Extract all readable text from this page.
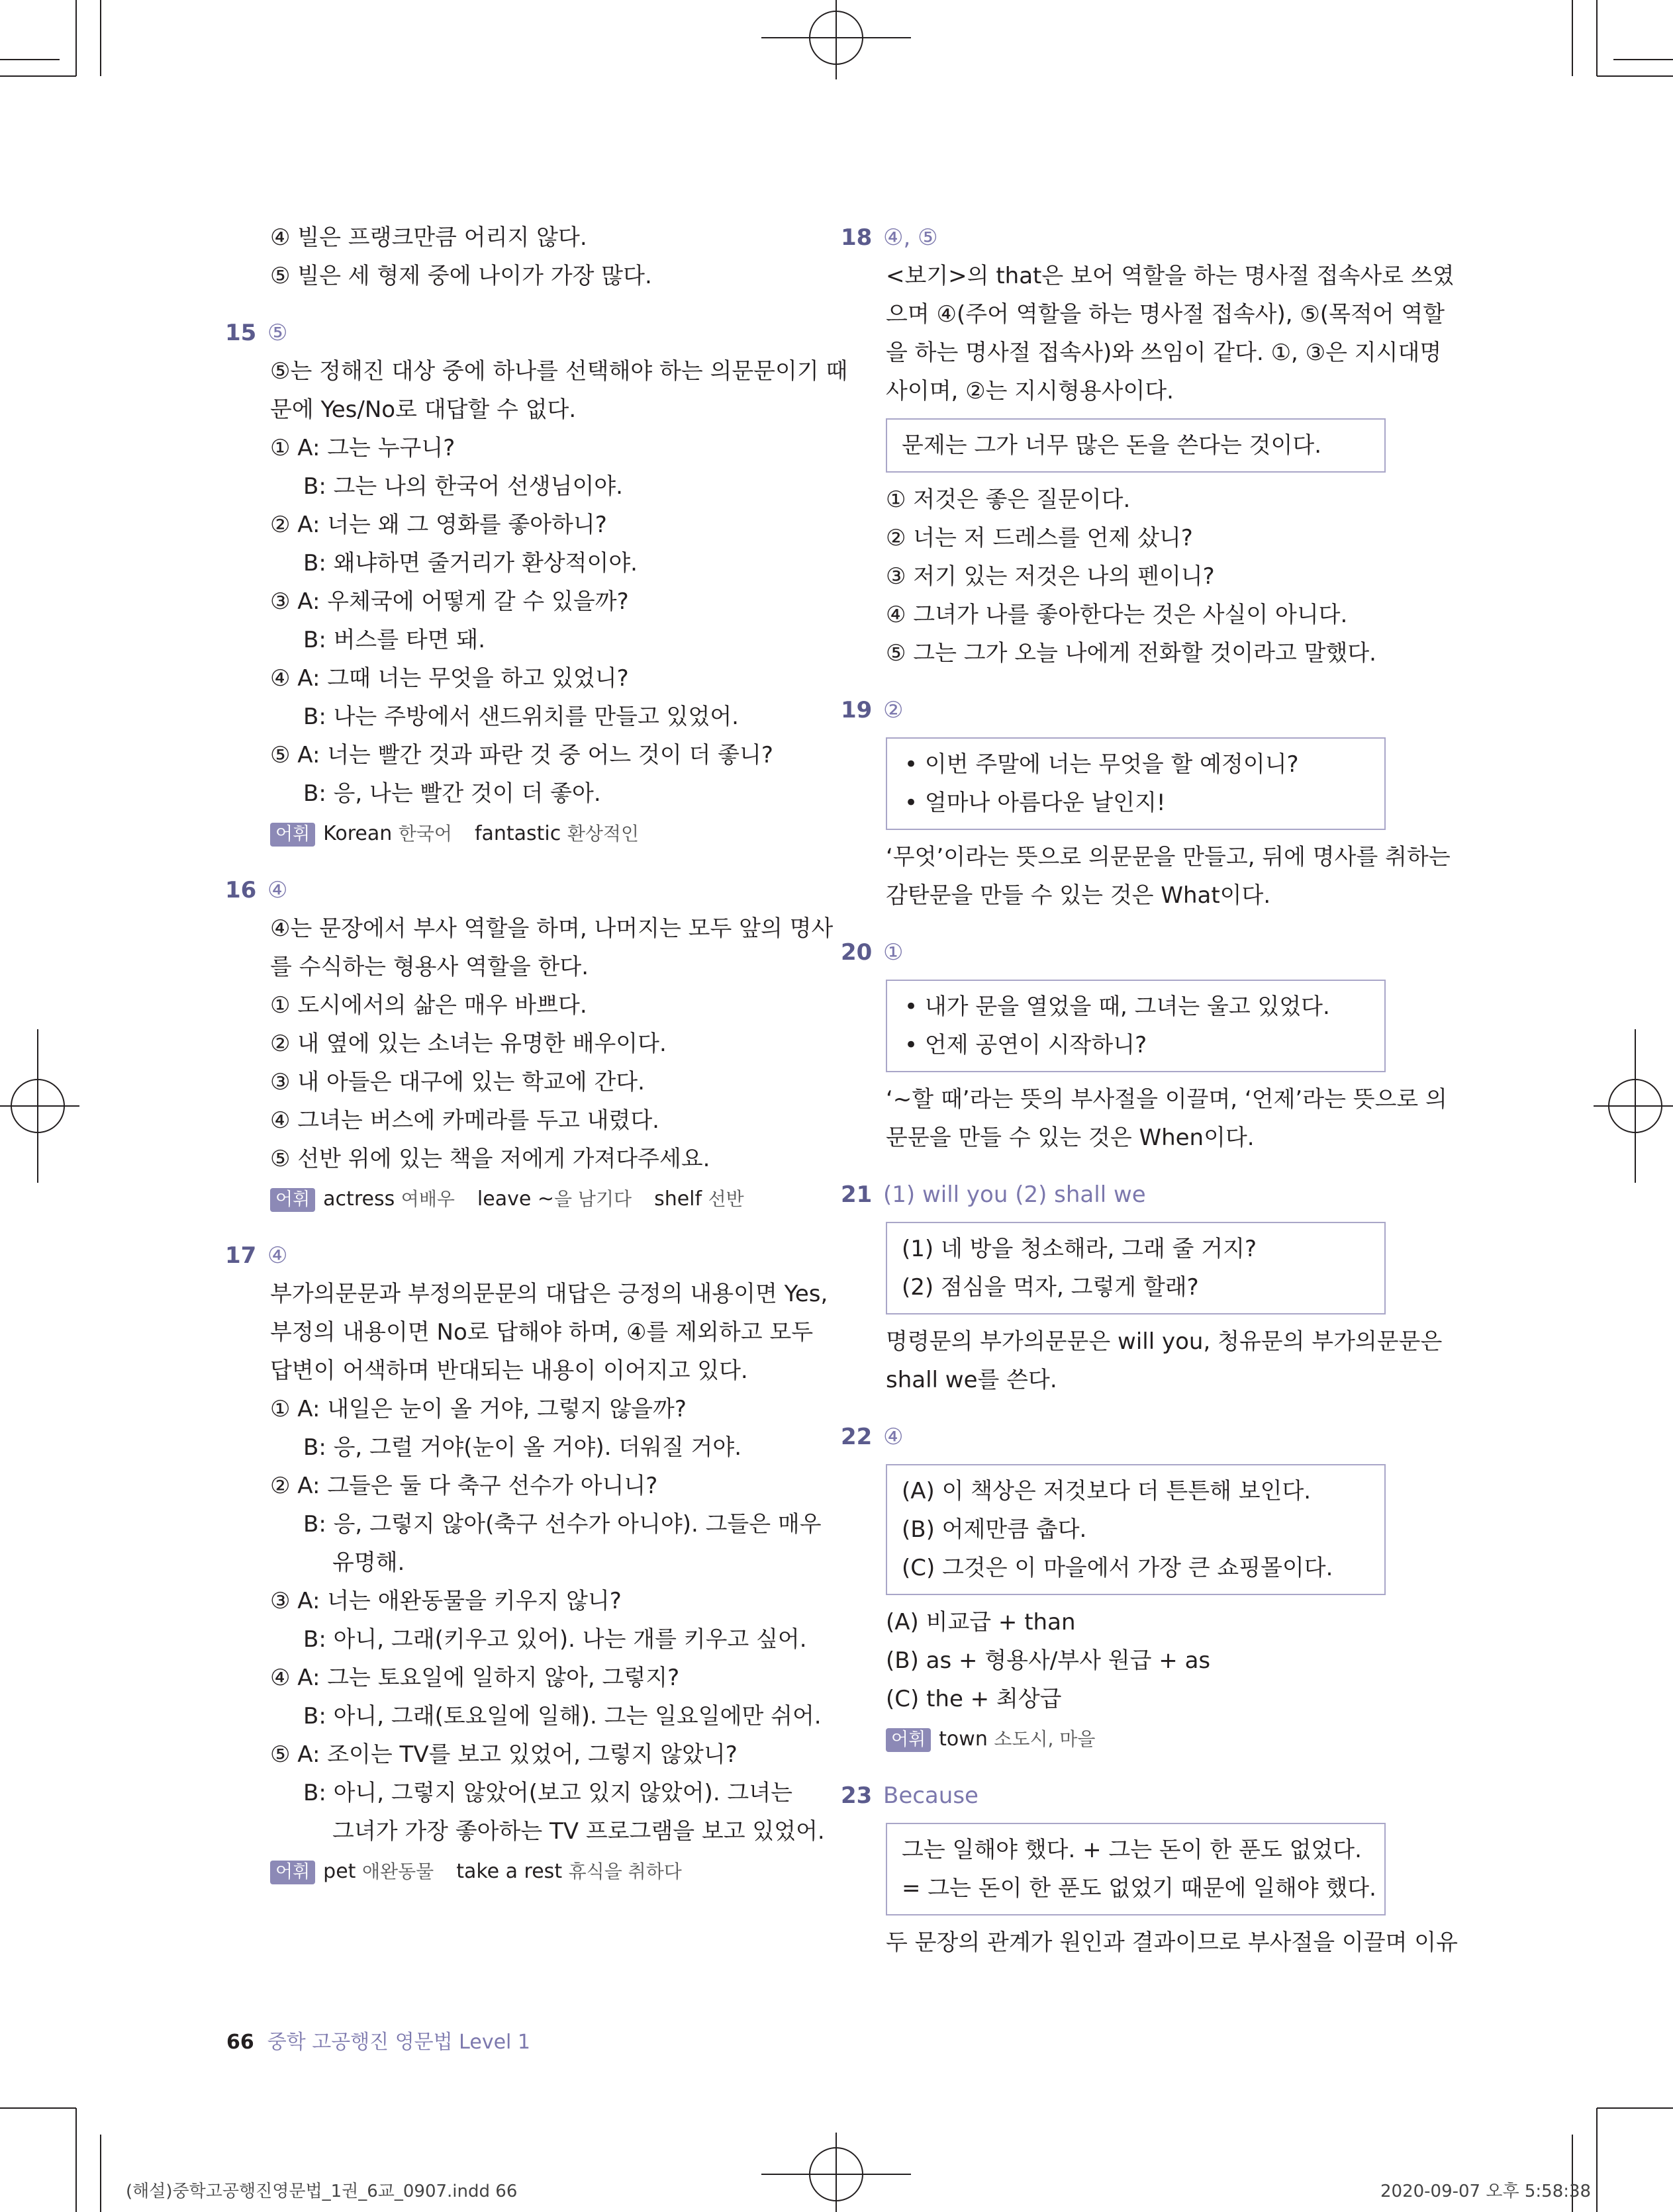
④ 빌은 프랭크만큼 어리지 않다.
⑤ 빌은 세 형제 중에 나이가 가장 많다.
15 ⑤
⑤는 정해진 대상 중에 하나를 선택해야 하는 의문문이기 때
문에 Yes/No로 대답할 수 없다.
① A: 그는 누구니?
B: 그는 나의 한국어 선생님이야.
② A: 너는 왜 그 영화를 좋아하니?
B: 왜냐하면 줄거리가 환상적이야.
③ A: 우체국에 어떻게 갈 수 있을까?
B: 버스를 타면 돼.
④ A: 그때 너는 무엇을 하고 있었니?
B: 나는 주방에서 샌드위치를 만들고 있었어.
⑤ A: 너는 빨간 것과 파란 것 중 어느 것이 더 좋니?
B: 응, 나는 빨간 것이 더 좋아.
어휘 Korean 한국어 fantastic 환상적인
16 ④
④는 문장에서 부사 역할을 하며, 나머지는 모두 앞의 명사
를 수식하는 형용사 역할을 한다.
① 도시에서의 삶은 매우 바쁘다.
② 내 옆에 있는 소녀는 유명한 배우이다.
③ 내 아들은 대구에 있는 학교에 간다.
④ 그녀는 버스에 카메라를 두고 내렸다.
⑤ 선반 위에 있는 책을 저에게 가져다주세요.
어휘 actress 여배우 leave ~을 남기다 shelf 선반
17 ④
부가의문문과 부정의문문의 대답은 긍정의 내용이면 Yes,
부정의 내용이면 No로 답해야 하며, ④를 제외하고 모두
답변이 어색하며 반대되는 내용이 이어지고 있다.
① A: 내일은 눈이 올 거야, 그렇지 않을까?
B: 응, 그럴 거야(눈이 올 거야). 더워질 거야.
② A: 그들은 둘 다 축구 선수가 아니니?
B: 응, 그렇지 않아(축구 선수가 아니야). 그들은 매우
유명해.
③ A: 너는 애완동물을 키우지 않니?
B: 아니, 그래(키우고 있어). 나는 개를 키우고 싶어.
④ A: 그는 토요일에 일하지 않아, 그렇지?
B: 아니, 그래(토요일에 일해). 그는 일요일에만 쉬어.
⑤ A: 조이는 TV를 보고 있었어, 그렇지 않았니?
B: 아니, 그렇지 않았어(보고 있지 않았어). 그녀는
그녀가 가장 좋아하는 TV 프로그램을 보고 있었어.
어휘 pet 애완동물 take a rest 휴식을 취하다
18 ④, ⑤
<보기>의 that은 보어 역할을 하는 명사절 접속사로 쓰였
으며 ④(주어 역할을 하는 명사절 접속사), ⑤(목적어 역할
을 하는 명사절 접속사)와 쓰임이 같다. ①, ③은 지시대명
사이며, ②는 지시형용사이다.
문제는 그가 너무 많은 돈을 쓴다는 것이다.
① 저것은 좋은 질문이다.
② 너는 저 드레스를 언제 샀니?
③ 저기 있는 저것은 나의 펜이니?
④ 그녀가 나를 좋아한다는 것은 사실이 아니다.
⑤ 그는 그가 오늘 나에게 전화할 것이라고 말했다.
19 ②
• 이번 주말에 너는 무엇을 할 예정이니?
• 얼마나 아름다운 날인지!
‘무엇’이라는 뜻으로 의문문을 만들고, 뒤에 명사를 취하는
감탄문을 만들 수 있는 것은 What이다.
20 ①
• 내가 문을 열었을 때, 그녀는 울고 있었다.
• 언제 공연이 시작하니?
‘~할 때’라는 뜻의 부사절을 이끌며, ‘언제’라는 뜻으로 의
문문을 만들 수 있는 것은 When이다.
21 (1) will you (2) shall we
(1) 네 방을 청소해라, 그래 줄 거지?
(2) 점심을 먹자, 그렇게 할래?
명령문의 부가의문문은 will you, 청유문의 부가의문문은
shall we를 쓴다.
22 ④
(A) 이 책상은 저것보다 더 튼튼해 보인다.
(B) 어제만큼 춥다.
(C) 그것은 이 마을에서 가장 큰 쇼핑몰이다.
(A) 비교급 + than
(B) as + 형용사/부사 원급 + as
(C) the + 최상급
어휘 town 소도시, 마을
23 Because
그는 일해야 했다. + 그는 돈이 한 푼도 없었다.
= 그는 돈이 한 푼도 없었기 때문에 일해야 했다.
두 문장의 관계가 원인과 결과이므로 부사절을 이끌며 이유
66 중학 고공행진 영문법 Level 1
(해설)중학고공행진영문법_1권_6교_0907.indd 66	2020-09-07 오후 5:58:38
